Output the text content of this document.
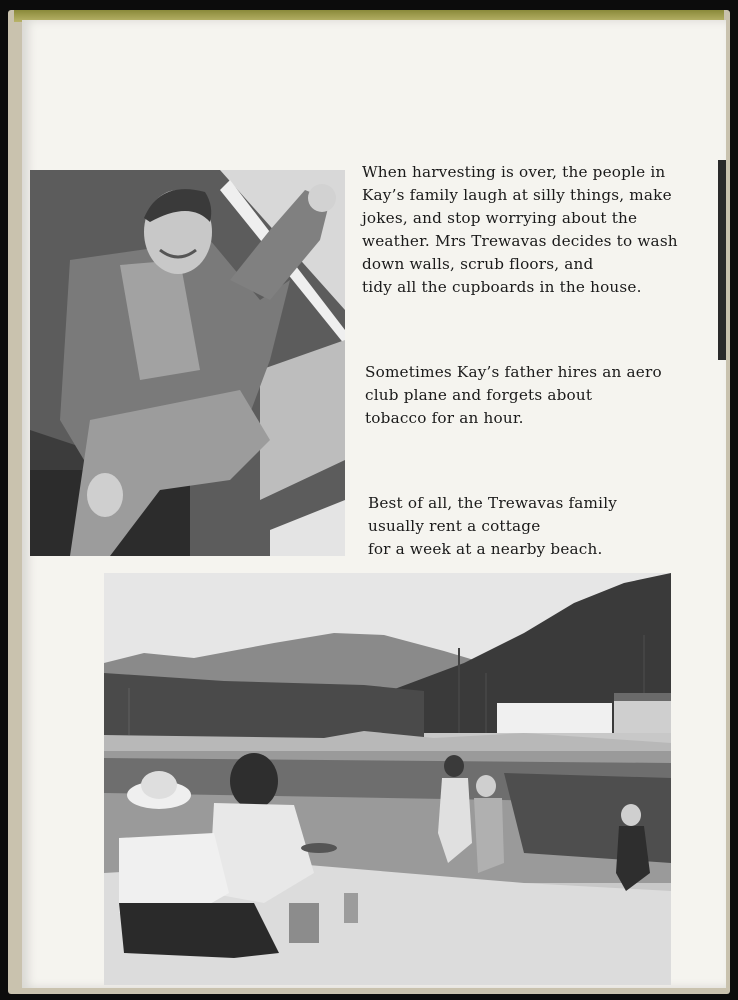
When harvesting is over, the people in
Kay’s family laugh at silly things, make
jokes, and stop worrying about the
weather. Mrs Trewavas decides to wash
down walls, scrub floors, and
tidy all the cupboards in the house.

Sometimes Kay’s father hires an aero
club plane and forgets about
tobacco for an hour.

Best of all, the Trewavas family
usually rent a cottage
for a week at a nearby beach.
